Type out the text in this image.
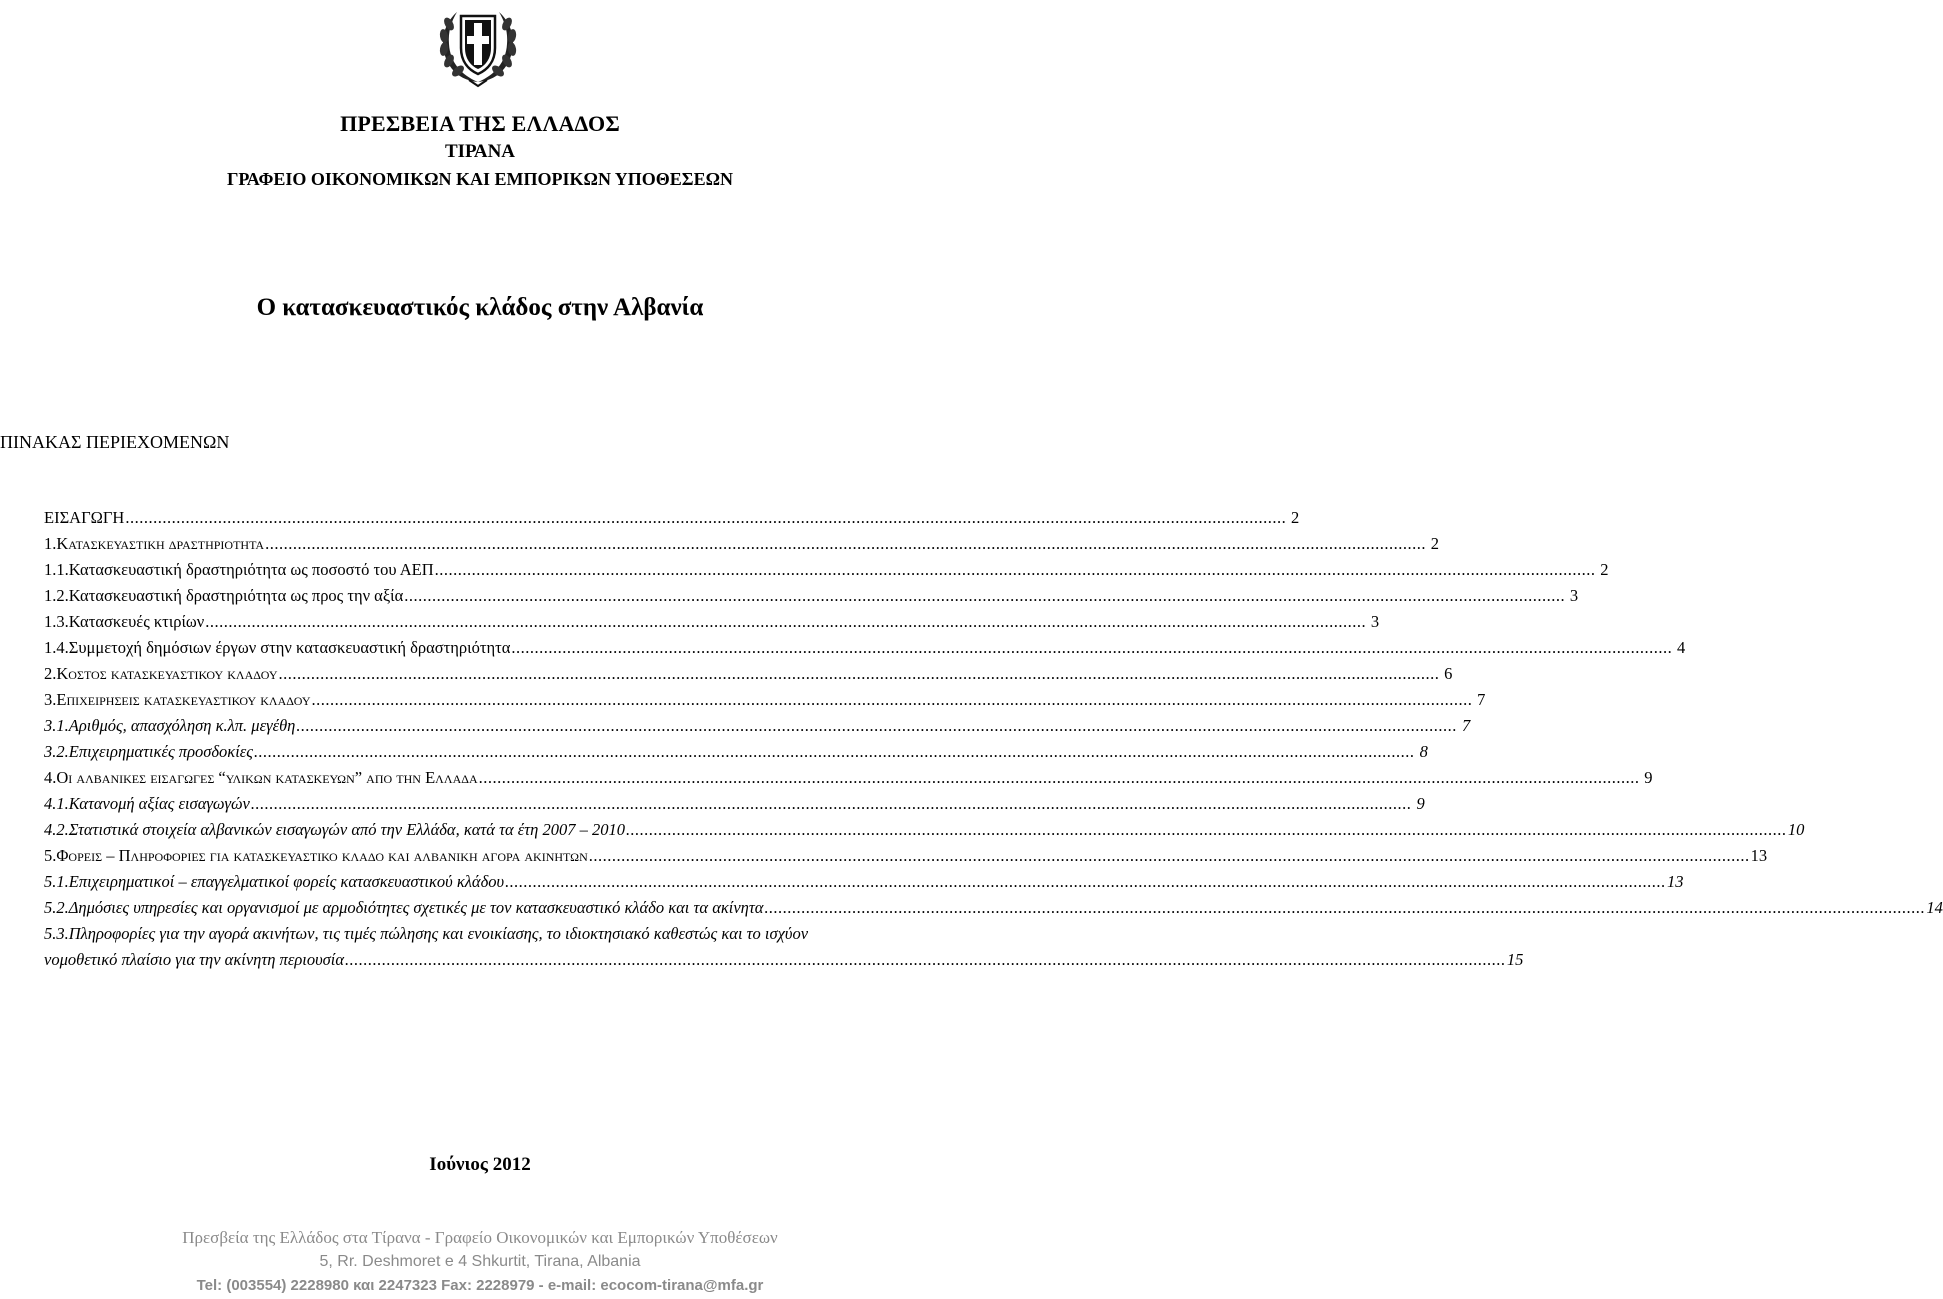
ΠΡΕΣΒΕΙΑ ΤΗΣ ΕΛΛΑΔΟΣ
ΤΙΡΑΝΑ
ΓΡΑΦΕΙΟ ΟΙΚΟΝΟΜΙΚΩΝ ΚΑΙ ΕΜΠΟΡΙΚΩΝ ΥΠΟΘΕΣΕΩΝ
Ο κατασκευαστικός κλάδος στην Αλβανία
ΠΙΝΑΚΑΣ ΠΕΡΙΕΧΟΜΕΝΩΝ
ΕΙΣΑΓΩΓΗ .....	2
1. Κατασκευαστικη δραστηριοτητα .....	2
1.1. Κατασκευαστική δραστηριότητα ως ποσοστό του ΑΕΠ .....	2
1.2. Κατασκευαστική δραστηριότητα ως προς την αξία .....	3
1.3. Κατασκευές κτιρίων .....	3
1.4. Συμμετοχή δημόσιων έργων στην κατασκευαστική δραστηριότητα .....	4
2. Κοστος κατασκευαστικου κλαδου .....	6
3. Επιχειρησεις κατασκευαστικου κλαδου .....	7
3.1. Αριθμός, απασχόληση κ.λπ. μεγέθη .....	7
3.2. Επιχειρηματικές προσδοκίες .....	8
4. Οι αλβανικες εισαγωγες “υλικων κατασκευων” απο την Ελλαδα .....	9
4.1. Κατανομή αξίας εισαγωγών .....	9
4.2. Στατιστικά στοιχεία αλβανικών εισαγωγών από την Ελλάδα, κατά τα έτη 2007 – 2010 .....	10
5. Φορεις – Πληροφοριες για κατασκευαστικο κλαδο και αλβανικη αγορα ακινητων .....	13
5.1. Επιχειρηματικοί – επαγγελματικοί φορείς κατασκευαστικού κλάδου .....	13
5.2. Δημόσιες υπηρεσίες και οργανισμοί με αρμοδιότητες σχετικές με τον κατασκευαστικό κλάδο και τα ακίνητα .....	14
5.3. Πληροφορίες για την αγορά ακινήτων, τις τιμές πώλησης και ενοικίασης, το ιδιοκτησιακό καθεστώς και το ισχύον
νομοθετικό πλαίσιο για την ακίνητη περιουσία .....	15
Ιούνιος 2012
Πρεσβεία της Ελλάδος στα Τίρανα - Γραφείο Οικονομικών και Εμπορικών Υποθέσεων
5, Rr. Deshmoret e 4 Shkurtit, Tirana, Albania
Tel: (003554) 2228980 και 2247323 Fax: 2228979 - e-mail: ecocom-tirana@mfa.gr
